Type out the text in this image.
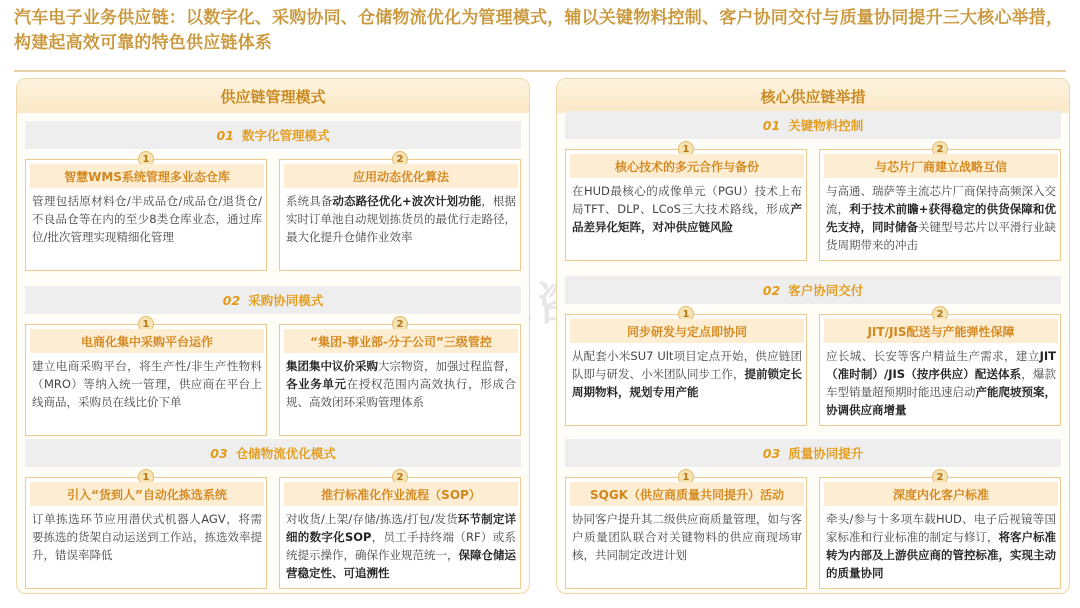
汽车电子业务供应链：以数字化、采购协同、仓储物流优化为管理模式，辅以关键物料控制、客户协同交付与质量协同提升三大核心举措，构建起高效可靠的特色供应链体系
鼎帷咨询
供应链管理模式
01 数字化管理模式
1
智慧WMS系统管理多业态仓库
管理包括原材料仓/半成品仓/成品仓/退货仓/不良品仓等在内的至少8类仓库业态，通过库位/批次管理实现精细化管理
2
应用动态优化算法
系统具备动态路径优化+波次计划功能，根据实时订单池自动规划拣货员的最优行走路径，最大化提升仓储作业效率
02 采购协同模式
1
电商化集中采购平台运作
建立电商采购平台，将生产性/非生产性物料（MRO）等纳入统一管理，供应商在平台上线商品，采购员在线比价下单
2
“集团-事业部-分子公司”三级管控
集团集中议价采购大宗物资，加强过程监督，各业务单元在授权范围内高效执行，形成合规、高效闭环采购管理体系
03 仓储物流优化模式
1
引入“货到人”自动化拣选系统
订单拣选环节应用潜伏式机器人AGV，将需要拣选的货架自动运送到工作站，拣选效率提升，错误率降低
2
推行标准化作业流程（SOP）
对收货/上架/存储/拣选/打包/发货环节制定详细的数字化SOP，员工手持终端（RF）或系统提示操作，确保作业规范统一，保障仓储运营稳定性、可追溯性
核心供应链举措
01 关键物料控制
1
核心技术的多元合作与备份
在HUD最核心的成像单元（PGU）技术上布局TFT、DLP、LCoS三大技术路线，形成产品差异化矩阵，对冲供应链风险
2
与芯片厂商建立战略互信
与高通、瑞萨等主流芯片厂商保持高频深入交流，利于技术前瞻+获得稳定的供货保障和优先支持，同时储备关键型号芯片以平滑行业缺货周期带来的冲击
02 客户协同交付
1
同步研发与定点即协同
从配套小米SU7 Ult项目定点开始，供应链团队即与研发、小米团队同步工作，提前锁定长周期物料，规划专用产能
2
JIT/JIS配送与产能弹性保障
应长城、长安等客户精益生产需求，建立JIT（准时制）/JIS（按序供应）配送体系，爆款车型销量超预期时能迅速启动产能爬坡预案，协调供应商增量
03 质量协同提升
1
SQGK（供应商质量共同提升）活动
协同客户提升其二级供应商质量管理，如与客户质量团队联合对关键物料的供应商现场审核，共同制定改进计划
2
深度内化客户标准
牵头/参与十多项车载HUD、电子后视镜等国家标准和行业标准的制定与修订，将客户标准转为内部及上游供应商的管控标准，实现主动的质量协同
